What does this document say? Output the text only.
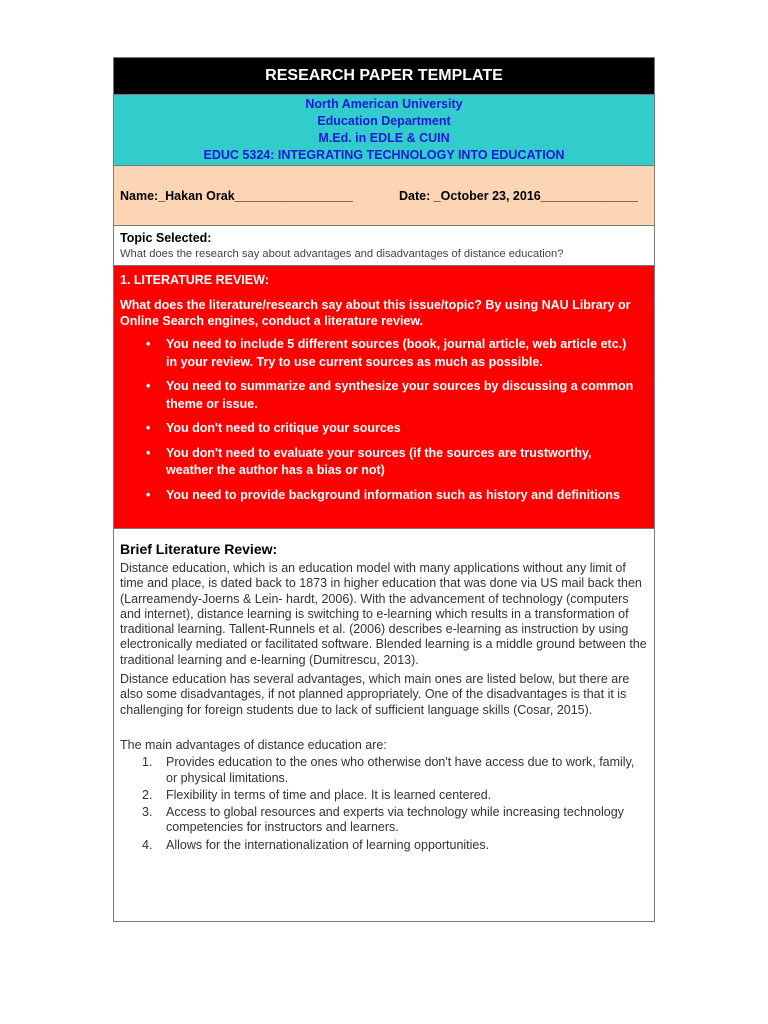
RESEARCH PAPER TEMPLATE
North American University
Education Department
M.Ed. in EDLE & CUIN
EDUC 5324: INTEGRATING TECHNOLOGY INTO EDUCATION
Name:_Hakan Orak_________________	Date: _October 23, 2016______________
Topic Selected:
What does the research say about advantages and disadvantages of distance education?
1. LITERATURE REVIEW:
What does the literature/research say about this issue/topic? By using NAU Library or Online Search engines, conduct a literature review.
• You need to include 5 different sources (book, journal article, web article etc.) in your review. Try to use current sources as much as possible.
• You need to summarize and synthesize your sources by discussing a common theme or issue.
• You don't need to critique your sources
• You don't need to evaluate your sources (if the sources are trustworthy, weather the author has a bias or not)
• You need to provide background information such as history and definitions
Brief Literature Review:

Distance education, which is an education model with many applications without any limit of time and place, is dated back to 1873 in higher education that was done via US mail back then (Larreamendy-Joerns & Lein- hardt, 2006). With the advancement of technology (computers and internet), distance learning is switching to e-learning which results in a transformation of traditional learning. Tallent-Runnels et al. (2006) describes e-learning as instruction by using electronically mediated or facilitated software. Blended learning is a middle ground between the traditional learning and e-learning (Dumitrescu, 2013).

Distance education has several advantages, which main ones are listed below, but there are also some disadvantages, if not planned appropriately. One of the disadvantages is that it is challenging for foreign students due to lack of sufficient language skills (Cosar, 2015).

The main advantages of distance education are:

1. Provides education to the ones who otherwise don't have access due to work, family, or physical limitations.
2. Flexibility in terms of time and place. It is learned centered.
3. Access to global resources and experts via technology while increasing technology competencies for instructors and learners.
4. Allows for the internationalization of learning opportunities.
